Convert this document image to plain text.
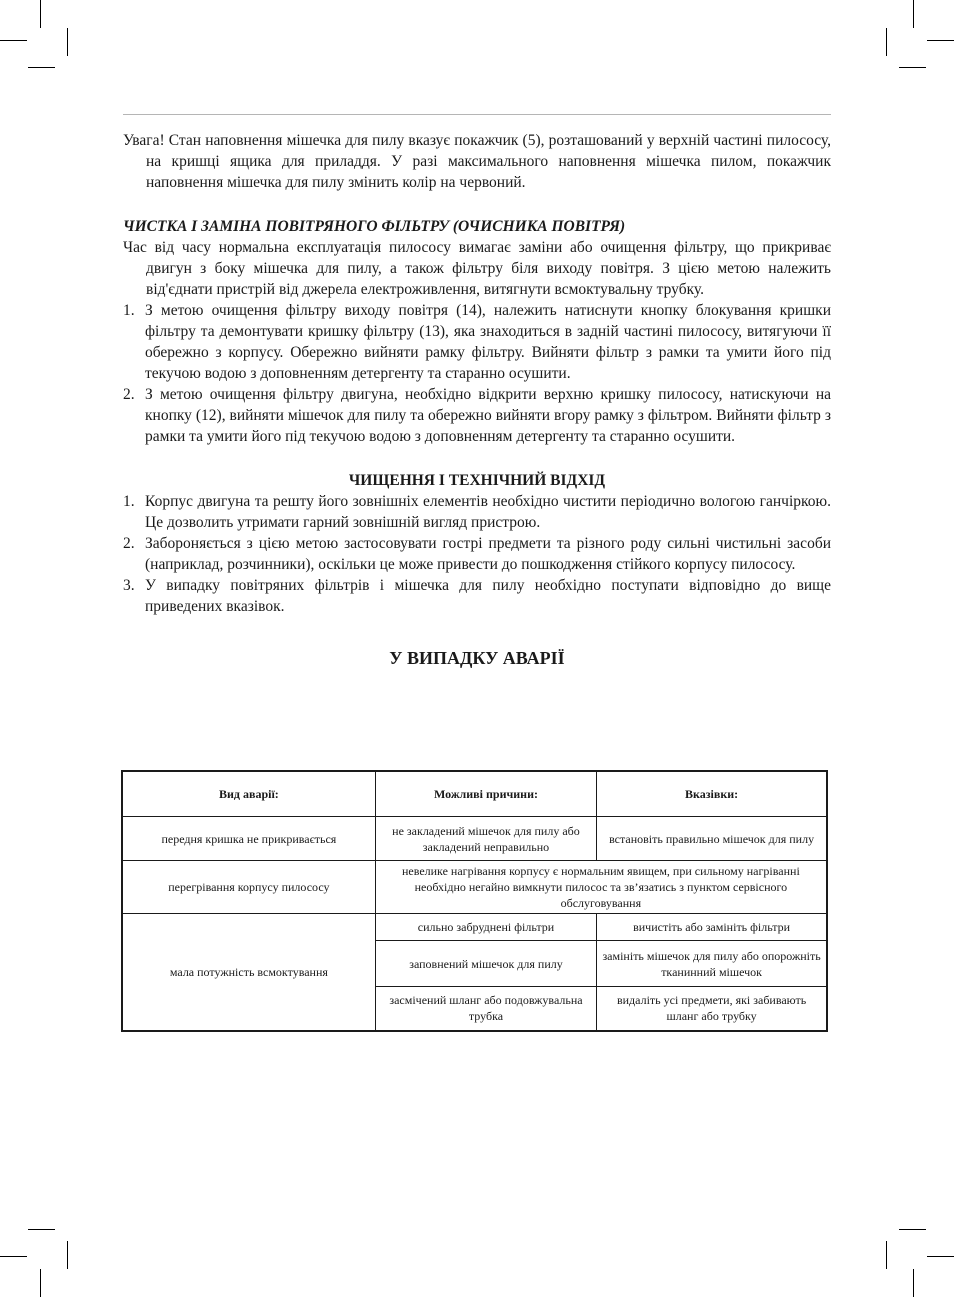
Увага! Стан наповнення мішечка для пилу вказує покажчик (5), розташований у верхній частині пилососу, на кришці ящика для приладдя. У разі максимального наповнення мішечка пилом, покажчик наповнення мішечка для пилу змінить колір на червоний.

ЧИСТКА І ЗАМІНА ПОВІТРЯНОГО ФІЛЬТРУ (ОЧИСНИКА ПОВІТРЯ)

Час від часу нормальна експлуатація пилососу вимагає заміни або очищення фільтру, що прикриває двигун з боку мішечка для пилу, а також фільтру біля виходу повітря. З цією метою належить від'єднати пристрій від джерела електроживлення, витягнути всмоктувальну трубку.

1. З метою очищення фільтру виходу повітря (14), належить натиснути кнопку блокування кришки фільтру та демонтувати кришку фільтру (13), яка знаходиться в задній частині пилососу, витягуючи її обережно з корпусу. Обережно вийняти рамку фільтру. Вийняти фільтр з рамки та умити його під текучою водою з доповненням детергенту та старанно осушити.
2. З метою очищення фільтру двигуна, необхідно відкрити верхню кришку пилососу, натискуючи на кнопку (12), вийняти мішечок для пилу та обережно вийняти вгору рамку з фільтром. Вийняти фільтр з рамки та умити його під текучою водою з доповненням детергенту та старанно осушити.

ЧИЩЕННЯ І ТЕХНІЧНИЙ ВІДХІД

1. Корпус двигуна та решту його зовнішніх елементів необхідно чистити періодично вологою ганчіркою. Це дозволить утримати гарний зовнішній вигляд пристрою.
2. Забороняється з цією метою застосовувати гострі предмети та різного роду сильні чистильні засоби (наприклад, розчинники), оскільки це може привести до пошкодження стійкого корпусу пилососу.
3. У випадку повітряних фільтрів і мішечка для пилу необхідно поступати відповідно до вище приведених вказівок.

У ВИПАДКУ АВАРІЇ

Вид аварії:	Можливі причини:	Вказівки:
передня кришка не прикривається	не закладений мішечок для пилу або закладений неправильно	встановіть правильно мішечок для пилу
перегрівання корпусу пилососу	невелике нагрівання корпусу є нормальним явищем, при сильному нагріванні необхідно негайно вимкнути пилосос та зв’язатись з пунктом сервісного обслуговування	
мала потужність всмоктування	сильно забруднені фільтри	вичистіть або замініть фільтри
	заповнений мішечок для пилу	замініть мішечок для пилу або опорожніть тканинний мішечок
	засмічений шланг або подовжувальна трубка	видаліть усі предмети, які забивають шланг або трубку
